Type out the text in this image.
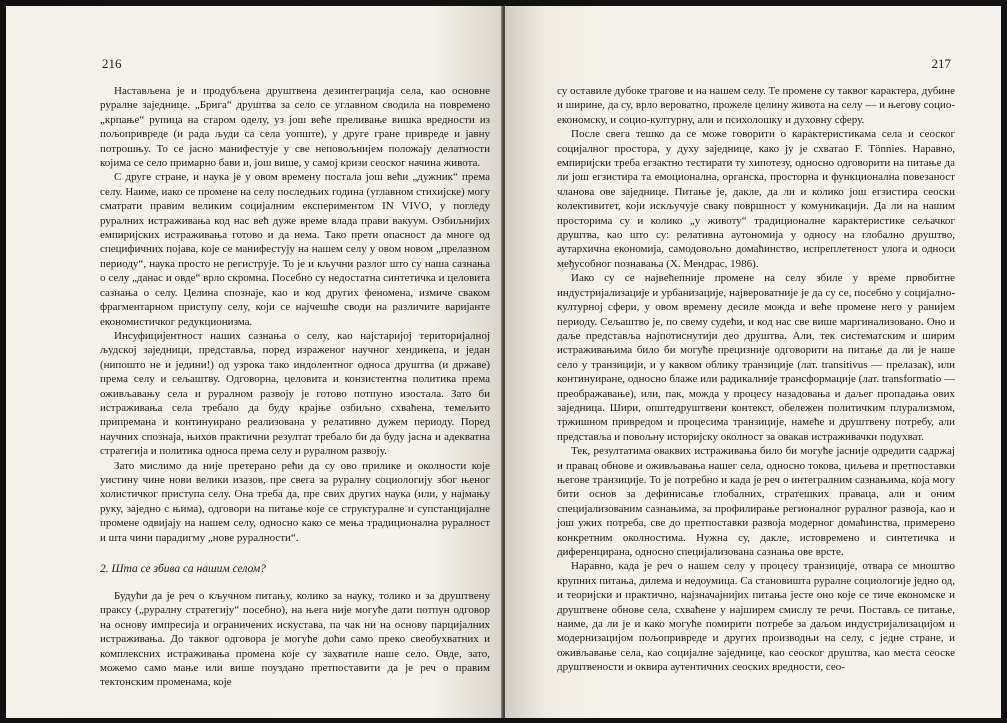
216

Настављена је и продубљена друштвена дезинтеграција села, као основне руралне заједнице. „Брига“ друштва за село се углавном сводила на повремено „крпање“ рупица на старом оделу, уз још веће преливање вишка вредности из пољопривреде (и рада људи са села уопште), у друге гране привреде и јавну потрошњу. То се јасно манифестује у све неповољнијем положају делатности којима се село примарно бави и, још више, у самој кризи сеоског начина живота.

С друге стране, и наука је у овом времену постала још већи „дужник“ према селу. Наиме, иако се промене на селу последњих година (углавном стихијске) могу сматрати правим великим социјалним експериментом IN VIVO, у погледу руралних истраживања код нас већ дуже време влада прави вакуум. Озбиљнијих емпиријских истраживања готово и да нема. Тако прети опасност да многе од специфичних појава, које се манифестују на нашем селу у овом новом „прелазном периоду“, наука просто не региструје. То је и кључни разлог што су наша сазнања о селу „данас и овде“ врло скромна. Посебно су недостатна синтетичка и целовита сазнања о селу. Целина спознаје, као и код других феномена, измиче сваком фрагментарном приступу селу, који се најчешће своди на различите варијанте економистичког редукционизма.

Инсуфицијентност наших сазнања о селу, као најстаријој територијалној људској заједници, представља, поред израженог научног хендикепа, и један (нипошто не и једини!) од узрока тако индолентног односа друштва (и државе) према селу и сељаштву. Одговорна, целовита и конзистентна политика према оживљавању села и руралном развоју је готово потпуно изостала. Зато би истраживања села требало да буду крајње озбиљно схваћена, темељито припремана и континуирано реализована у релативно дужем периоду. Поред научних спознаја, њихов практични резултат требало би да буду јасна и адекватна стратегија и политика односа према селу и руралном развоју.

Зато мислимо да није претерано рећи да су ово прилике и околности које уистину чине нови велики изазов, пре свега за руралну социологију због њеног холистичког приступа селу. Она треба да, пре свих других наука (или, у најмању руку, заједно с њима), одговори на питање које се структуралне и супстанцијалне промене одвијају на нашем селу, односно како се мења традиционална руралност и шта чини парадигму „нове руралности“.

2. Шта се збива са нашим селом?

Будући да је реч о кључном питању, колико за науку, толико и за друштвену праксу („руралну стратегију“ посебно), на њега није могуће дати потпун одговор на основу импресија и ограничених искустава, па чак ни на основу парцијалних истраживања. До таквог одговора је могуће доћи само преко свеобухватних и комплексних истраживања промена које су захватиле наше село. Овде, зато, можемо само мање или више поуздано претпоставити да је реч о правим тектонским променама, које

217

су оставиле дубоке трагове и на нашем селу. Те промене су таквог карактера, дубине и ширине, да су, врло вероватно, прожеле целину живота на селу — и његову социо-економску, и социо-културну, али и психолошку и духовну сферу.

После свега тешко да се може говорити о карактеристикама села и сеоског социјалног простора, у духу заједнице, како ју је схватао F. Tönnies. Наравно, емпиријски треба егзактно тестирати ту хипотезу, односно одговорити на питање да ли још егзистира та емоционална, органска, просторна и функционална повезаност чланова ове заједнице. Питање је, дакле, да ли и колико још егзистира сеоски колективитет, који искључује сваку површност у комуникацији. Да ли на нашим просторима су и колико „у животу“ традиционалне карактеристике сељачког друштва, као што су: релативна аутономија у односу на глобално друштво, аутархична економија, самодовољно домаћинство, испреплетеност улога и односи међусобног познавања (Х. Мендрас, 1986).

Иако су се највећепније промене на селу збиле у време првобитне индустријализације и урбанизације, највероватније је да су се, посебно у социјално-културној сфери, у овом времену десиле можда и веће промене него у ранијем периоду. Сељаштво је, по свему судећи, и код нас све више маргинализовано. Оно и даље представља најпотиснутији део друштва. Али, тек систематским и ширим истраживањима било би могуће прецизније одговорити на питање да ли је наше село у транзицији, и у каквом облику транзиције (лат. transitivus — прелазак), или континуиране, односно блаже или радикалније трансформације (лат. transformatio — преображавање), или, пак, можда у процесу назадовања и даљег пропадања ових заједница. Шири, општедруштвени контекст, обележен политичким плурализмом, тржишном привредом и процесима транзиције, намеће и друштвену потребу, али представља и повољну историјску околност за овакав истраживачки подухват.

Тек, резултатима оваквих истраживања било би могуће јасније одредити садржај и правац обнове и оживљавања нашег села, односно токова, циљева и претпоставки његове транзиције. То је потребно и када је реч о интегралним сазнањима, која могу бити основ за дефинисање глобалних, стратешких праваца, али и оним специјализованим сазнањима, за профилирање регионалног руралног развоја, као и још ужих потреба, све до претпоставки развоја модерног домаћинства, примерено конкретним околностима. Нужна су, дакле, истовремено и синтетичка и диференцирана, односно специјализована сазнања ове врсте.

Наравно, када је реч о нашем селу у процесу транзиције, отвара се мноштво крупних питања, дилема и недоумица. Са становишта руралне социологије једно од, и теоријски и практично, најзначајнијих питања јесте оно које се тиче економске и друштвене обнове села, схваћене у најширем смислу те речи. Постављ се питање, наиме, да ли је и како могуће помирити потребе за даљом индустријализацијом и модернизацијом пољопривреде и других производњи на селу, с једне стране, и оживљавање села, као социјалне заједнице, као сеоског друштва, као места сеоске друштвености и оквира аутентичних сеоских вредности, сео-
